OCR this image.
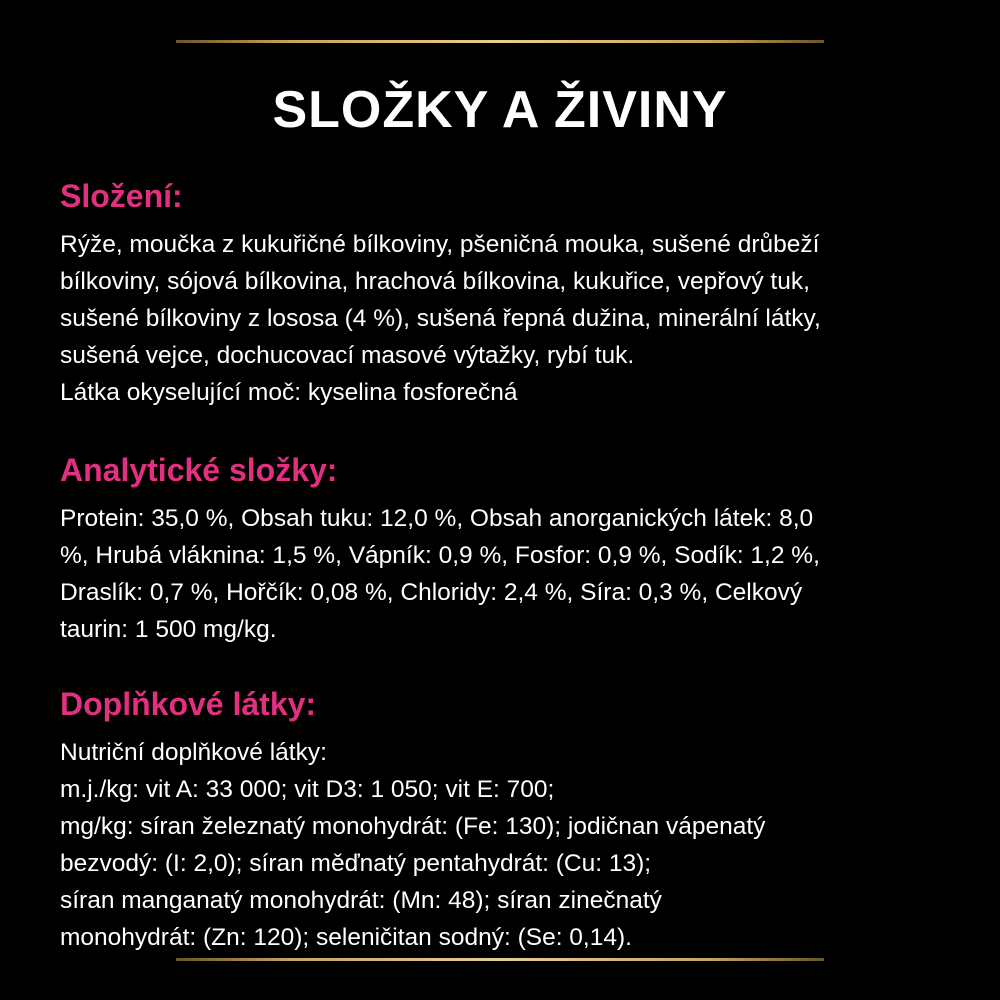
SLOŽKY A ŽIVINY
Složení:

Rýže, moučka z kukuřičné bílkoviny, pšeničná mouka, sušené drůbeží
bílkoviny, sójová bílkovina, hrachová bílkovina, kukuřice, vepřový tuk,
sušené bílkoviny z lososa (4 %), sušená řepná dužina, minerální látky,
sušená vejce, dochucovací masové výtažky, rybí tuk.
Látka okyselující moč: kyselina fosforečná

Analytické složky:

Protein: 35,0 %, Obsah tuku: 12,0 %, Obsah anorganických látek: 8,0
%, Hrubá vláknina: 1,5 %, Vápník: 0,9 %, Fosfor: 0,9 %, Sodík: 1,2 %,
Draslík: 0,7 %, Hořčík: 0,08 %, Chloridy: 2,4 %, Síra: 0,3 %, Celkový
taurin: 1 500 mg/kg.

Doplňkové látky:

Nutriční doplňkové látky:
m.j./kg: vit A: 33 000; vit D3: 1 050; vit E: 700;
mg/kg: síran železnatý monohydrát: (Fe: 130); jodičnan vápenatý
bezvodý: (I: 2,0); síran měďnatý pentahydrát: (Cu: 13);
síran manganatý monohydrát: (Mn: 48); síran zinečnatý
monohydrát: (Zn: 120); seleničitan sodný: (Se: 0,14).
